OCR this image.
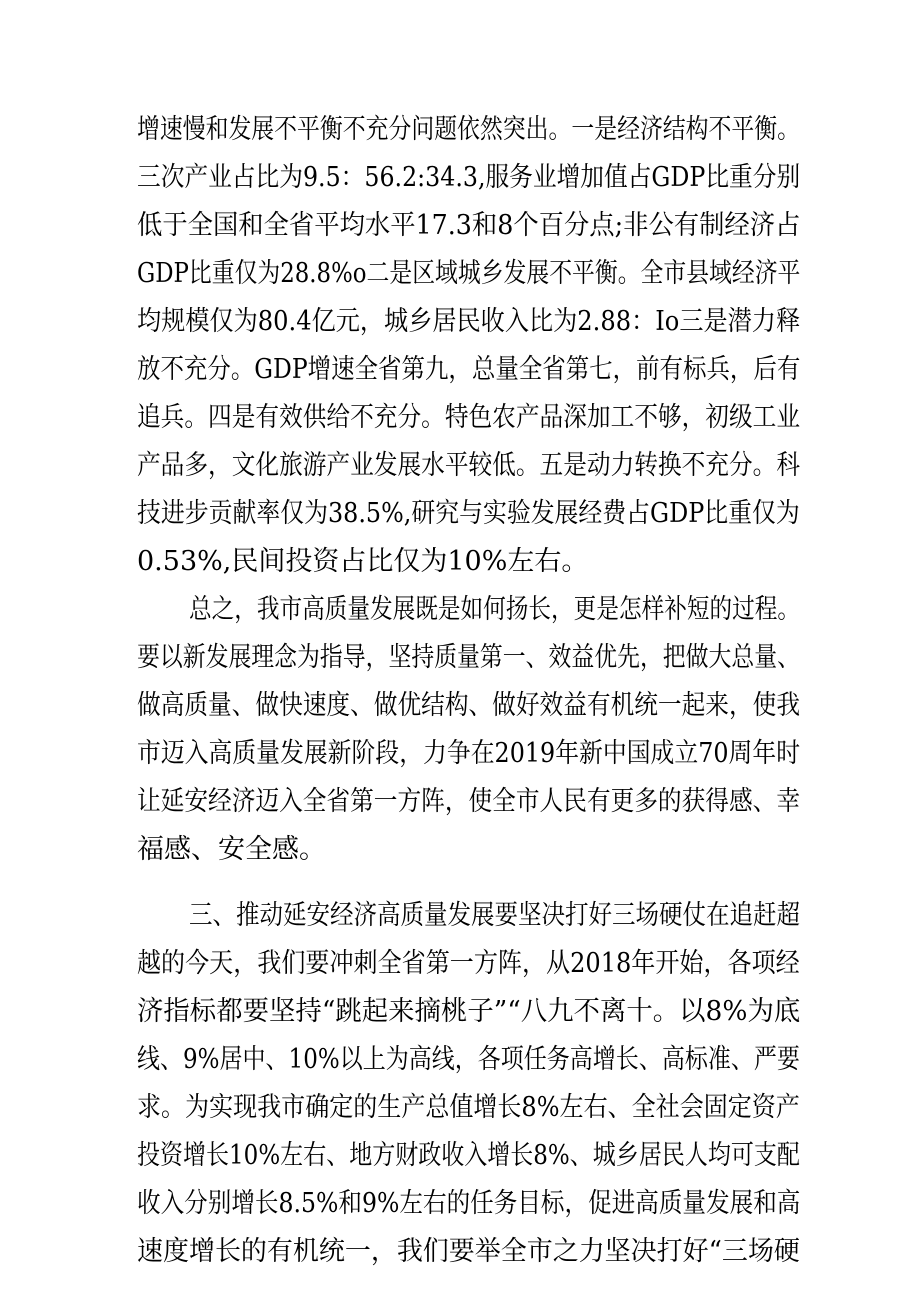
增速慢和发展不平衡不充分问题依然突出。一是经济结构不平衡。
三次产业占比为9.5：56.2:34.3,服务业增加值占GDP比重分别
低于全国和全省平均水平17.3和8个百分点;非公有制经济占
GDP比重仅为28.8%o二是区域城乡发展不平衡。全市县域经济平
均规模仅为80.4亿元，城乡居民收入比为2.88：Io三是潜力释
放不充分。GDP增速全省第九，总量全省第七，前有标兵，后有
追兵。四是有效供给不充分。特色农产品深加工不够，初级工业
产品多，文化旅游产业发展水平较低。五是动力转换不充分。科
技进步贡献率仅为38.5%,研究与实验发展经费占GDP比重仅为
0.53%,民间投资占比仅为10%左右。
总之，我市高质量发展既是如何扬长，更是怎样补短的过程。
要以新发展理念为指导，坚持质量第一、效益优先，把做大总量、
做高质量、做快速度、做优结构、做好效益有机统一起来，使我
市迈入高质量发展新阶段，力争在2019年新中国成立70周年时
让延安经济迈入全省第一方阵，使全市人民有更多的获得感、幸
福感、安全感。
三、推动延安经济高质量发展要坚决打好三场硬仗在追赶超
越的今天，我们要冲刺全省第一方阵，从2018年开始，各项经
济指标都要坚持“跳起来摘桃子”“八九不离十。以8%为底
线、9%居中、10%以上为高线，各项任务高增长、高标准、严要
求。为实现我市确定的生产总值增长8%左右、全社会固定资产
投资增长10%左右、地方财政收入增长8%、城乡居民人均可支配
收入分别增长8.5%和9%左右的任务目标，促进高质量发展和高
速度增长的有机统一，我们要举全市之力坚决打好“三场硬
